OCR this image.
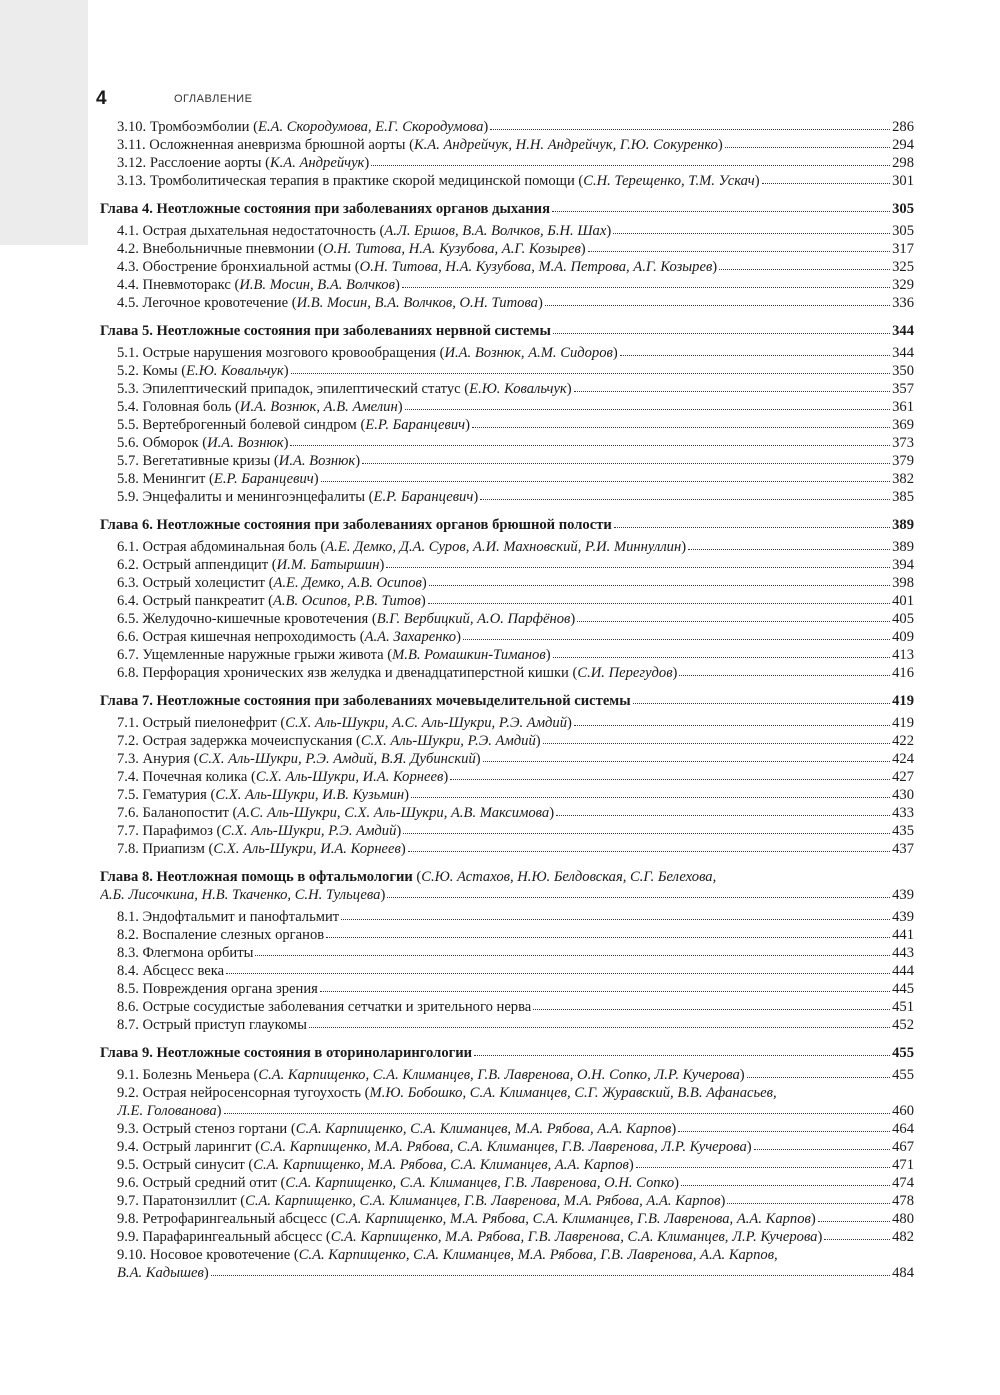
4	ОГЛАВЛЕНИЕ
3.10. Тромбоэмболии (Е.А. Скородумова, Е.Г. Скородумова)	286
3.11. Осложненная аневризма брюшной аорты (К.А. Андрейчук, Н.Н. Андрейчук, Г.Ю. Сокуренко)	294
3.12. Расслоение аорты (К.А. Андрейчук)	298
3.13. Тромболитическая терапия в практике скорой медицинской помощи (С.Н. Терещенко, Т.М. Ускач)	301
Глава 4. Неотложные состояния при заболеваниях органов дыхания	305
4.1. Острая дыхательная недостаточность (А.Л. Ершов, В.А. Волчков, Б.Н. Шах)	305
4.2. Внебольничные пневмонии (О.Н. Титова, Н.А. Кузубова, А.Г. Козырев)	317
4.3. Обострение бронхиальной астмы (О.Н. Титова, Н.А. Кузубова, М.А. Петрова, А.Г. Козырев)	325
4.4. Пневмоторакс (И.В. Мосин, В.А. Волчков)	329
4.5. Легочное кровотечение (И.В. Мосин, В.А. Волчков, О.Н. Титова)	336
Глава 5. Неотложные состояния при заболеваниях нервной системы	344
5.1. Острые нарушения мозгового кровообращения (И.А. Вознюк, А.М. Сидоров)	344
5.2. Комы (Е.Ю. Ковальчук)	350
5.3. Эпилептический припадок, эпилептический статус (Е.Ю. Ковальчук)	357
5.4. Головная боль (И.А. Вознюк, А.В. Амелин)	361
5.5. Вертеброгенный болевой синдром (Е.Р. Баранцевич)	369
5.6. Обморок (И.А. Вознюк)	373
5.7. Вегетативные кризы (И.А. Вознюк)	379
5.8. Менингит (Е.Р. Баранцевич)	382
5.9. Энцефалиты и менингоэнцефалиты (Е.Р. Баранцевич)	385
Глава 6. Неотложные состояния при заболеваниях органов брюшной полости	389
6.1. Острая абдоминальная боль (А.Е. Демко, Д.А. Суров, А.И. Махновский, Р.И. Миннуллин)	389
6.2. Острый аппендицит (И.М. Батыршин)	394
6.3. Острый холецистит (А.Е. Демко, А.В. Осипов)	398
6.4. Острый панкреатит (А.В. Осипов, Р.В. Титов)	401
6.5. Желудочно-кишечные кровотечения (В.Г. Вербицкий, А.О. Парфёнов)	405
6.6. Острая кишечная непроходимость (А.А. Захаренко)	409
6.7. Ущемленные наружные грыжи живота (М.В. Ромашкин-Тиманов)	413
6.8. Перфорация хронических язв желудка и двенадцатиперстной кишки (С.И. Перегудов)	416
Глава 7. Неотложные состояния при заболеваниях мочевыделительной системы	419
7.1. Острый пиелонефрит (С.Х. Аль-Шукри, А.С. Аль-Шукри, Р.Э. Амдий)	419
7.2. Острая задержка мочеиспускания (С.Х. Аль-Шукри, Р.Э. Амдий)	422
7.3. Анурия (С.Х. Аль-Шукри, Р.Э. Амдий, В.Я. Дубинский)	424
7.4. Почечная колика (С.Х. Аль-Шукри, И.А. Корнеев)	427
7.5. Гематурия (С.Х. Аль-Шукри, И.В. Кузьмин)	430
7.6. Баланопостит (А.С. Аль-Шукри, С.Х. Аль-Шукри, А.В. Максимова)	433
7.7. Парафимоз (С.Х. Аль-Шукри, Р.Э. Амдий)	435
7.8. Приапизм (С.Х. Аль-Шукри, И.А. Корнеев)	437
Глава 8. Неотложная помощь в офтальмологии (С.Ю. Астахов, Н.Ю. Белдовская, С.Г. Белехова,
А.Б. Лисочкина, Н.В. Ткаченко, С.Н. Тульцева)	439
8.1. Эндофтальмит и панофтальмит	439
8.2. Воспаление слезных органов	441
8.3. Флегмона орбиты	443
8.4. Абсцесс века	444
8.5. Повреждения органа зрения	445
8.6. Острые сосудистые заболевания сетчатки и зрительного нерва	451
8.7. Острый приступ глаукомы	452
Глава 9. Неотложные состояния в оториноларингологии	455
9.1. Болезнь Меньера (С.А. Карпищенко, С.А. Климанцев, Г.В. Лавренова, О.Н. Сопко, Л.Р. Кучерова)	455
9.2. Острая нейросенсорная тугоухость (М.Ю. Бобошко, С.А. Климанцев, С.Г. Журавский, В.В. Афанасьев,
Л.Е. Голованова)	460
9.3. Острый стеноз гортани (С.А. Карпищенко, С.А. Климанцев, М.А. Рябова, А.А. Карпов)	464
9.4. Острый ларингит (С.А. Карпищенко, М.А. Рябова, С.А. Климанцев, Г.В. Лавренова, Л.Р. Кучерова)	467
9.5. Острый синусит (С.А. Карпищенко, М.А. Рябова, С.А. Климанцев, А.А. Карпов)	471
9.6. Острый средний отит (С.А. Карпищенко, С.А. Климанцев, Г.В. Лавренова, О.Н. Сопко)	474
9.7. Паратонзиллит (С.А. Карпищенко, С.А. Климанцев, Г.В. Лавренова, М.А. Рябова, А.А. Карпов)	478
9.8. Ретрофарингеальный абсцесс (С.А. Карпищенко, М.А. Рябова, С.А. Климанцев, Г.В. Лавренова, А.А. Карпов)	480
9.9. Парафарингеальный абсцесс (С.А. Карпищенко, М.А. Рябова, Г.В. Лавренова, С.А. Климанцев, Л.Р. Кучерова)	482
9.10. Носовое кровотечение (С.А. Карпищенко, С.А. Климанцев, М.А. Рябова, Г.В. Лавренова, А.А. Карпов,
В.А. Кадышев)	484
